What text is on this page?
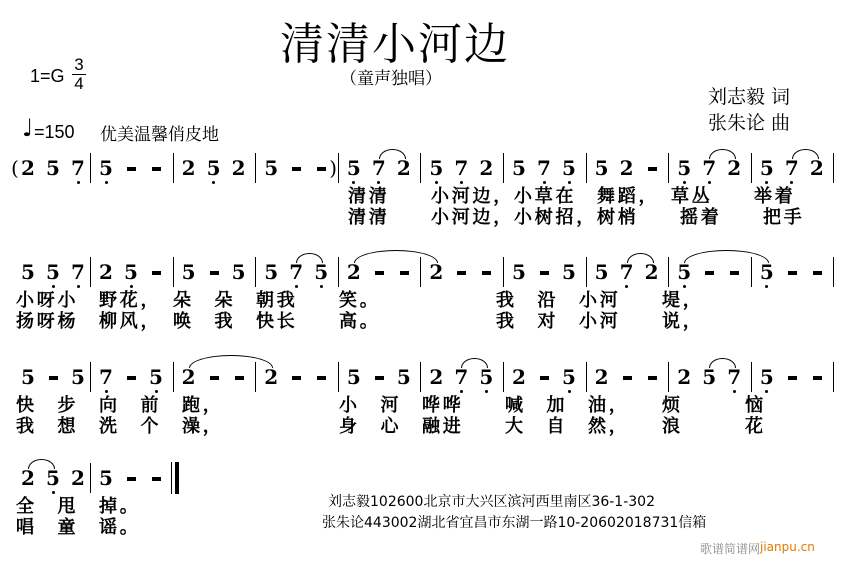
清清小河边
（童声独唱）
$1=G \frac{3}{4}$
♩ =150 优美温馨俏皮地
刘志毅 词
张朱论 曲
( 2 5 7 5	2 5 2 5	) 5 7 2 5 7 2 5 7 5 5 2 5 7 2 5 7 2
清清　　小河边，小草在　舞蹈，　草丛　　举着
清清　　小河边，小树招，树梢　　摇着　　把手
5 5 7 2 5 5 5 5 7 5 2	2	5 5 5 7 2 5	5
小呀小　野花，　朵　朵　朝我　　笑。　　　　　　我　沿　小河　　堤，
扬呀杨　柳风，　唤　我　快长　　高。　　　　　　我　对　小河　　说，
5 5 7 5 2	2	5 5 2 7 5 2 5 2	2 5 7 5
快　步　向　前　跑，　　　　　　小　河　哗哗　　喊　加　油，　　烦　　　恼
我　想　洗　个　澡，　　　　　　身　心　融进　　大　自　然，　　浪　　　花
2 5 2 5
全　甩　掉。
唱　童　谣。
刘志毅102600北京市大兴区滨河西里南区36-1-302
张朱论443002湖北省宜昌市东湖一路10-20602018731信箱
歌谱简谱网 jianpu.cn
